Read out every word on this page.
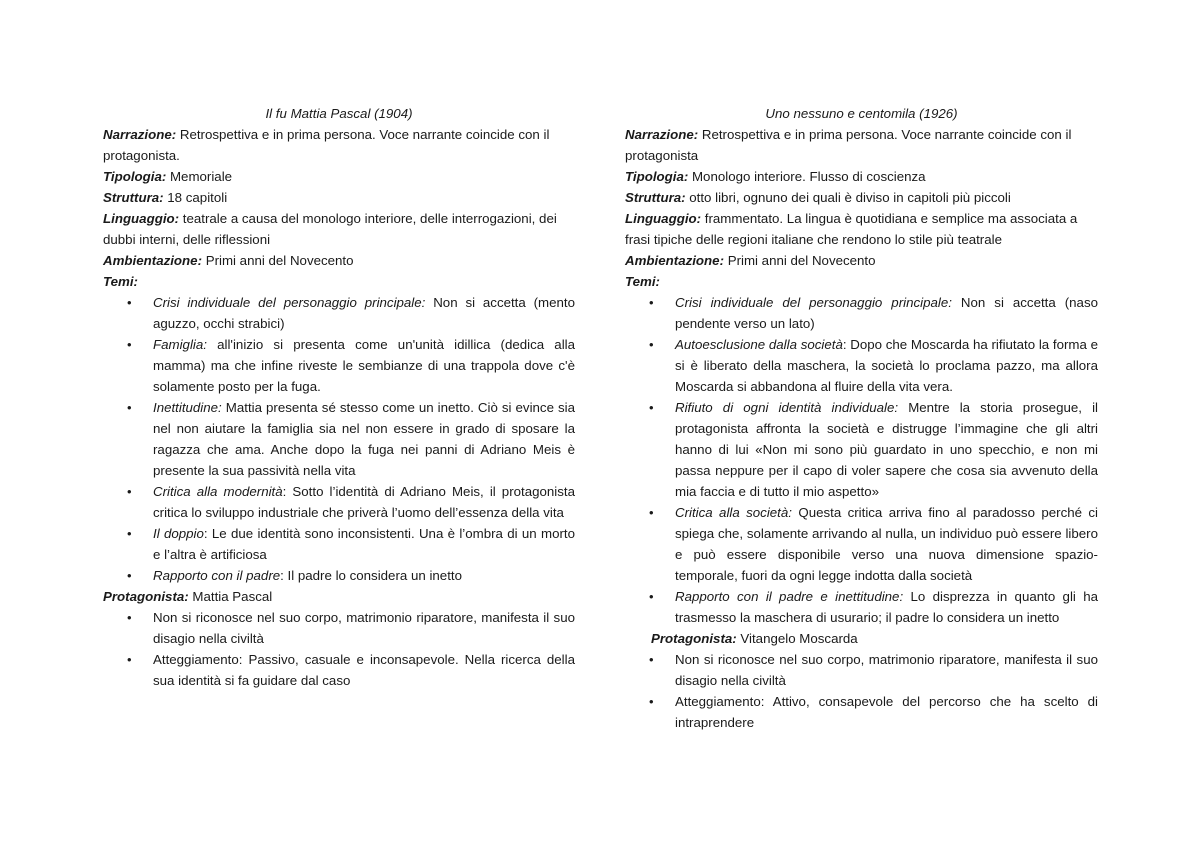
Il fu Mattia Pascal (1904)

Narrazione: Retrospettiva e in prima persona. Voce narrante coincide con il protagonista.

Tipologia: Memoriale

Struttura: 18 capitoli

Linguaggio: teatrale a causa del monologo interiore, delle interrogazioni, dei dubbi interni, delle riflessioni

Ambientazione: Primi anni del Novecento

Temi:

• Crisi individuale del personaggio principale: Non si accetta (mento aguzzo, occhi strabici)
• Famiglia: all'inizio si presenta come un'unità idillica (dedica alla mamma) ma che infine riveste le sembianze di una trappola dove c'è solamente posto per la fuga.
• Inettitudine: Mattia presenta sé stesso come un inetto. Ciò si evince sia nel non aiutare la famiglia sia nel non essere in grado di sposare la ragazza che ama. Anche dopo la fuga nei panni di Adriano Meis è presente la sua passività nella vita
• Critica alla modernità: Sotto l’identità di Adriano Meis, il protagonista critica lo sviluppo industriale che priverà l’uomo dell’essenza della vita
• Il doppio: Le due identità sono inconsistenti. Una è l’ombra di un morto e l’altra è artificiosa
• Rapporto con il padre: Il padre lo considera un inetto

Protagonista: Mattia Pascal

• Non si riconosce nel suo corpo, matrimonio riparatore, manifesta il suo disagio nella civiltà
• Atteggiamento: Passivo, casuale e inconsapevole. Nella ricerca della sua identità si fa guidare dal caso

Uno nessuno e centomila (1926)

Narrazione: Retrospettiva e in prima persona. Voce narrante coincide con il protagonista

Tipologia: Monologo interiore. Flusso di coscienza

Struttura: otto libri, ognuno dei quali è diviso in capitoli più piccoli

Linguaggio: frammentato. La lingua è quotidiana e semplice ma associata a frasi tipiche delle regioni italiane che rendono lo stile più teatrale

Ambientazione: Primi anni del Novecento

Temi:

• Crisi individuale del personaggio principale: Non si accetta (naso pendente verso un lato)
• Autoesclusione dalla società: Dopo che Moscarda ha rifiutato la forma e si è liberato della maschera, la società lo proclama pazzo, ma allora Moscarda si abbandona al fluire della vita vera.
• Rifiuto di ogni identità individuale: Mentre la storia prosegue, il protagonista affronta la società e distrugge l’immagine che gli altri hanno di lui «Non mi sono più guardato in uno specchio, e non mi passa neppure per il capo di voler sapere che cosa sia avvenuto della mia faccia e di tutto il mio aspetto»
• Critica alla società: Questa critica arriva fino al paradosso perché ci spiega che, solamente arrivando al nulla, un individuo può essere libero e può essere disponibile verso una nuova dimensione spazio-temporale, fuori da ogni legge indotta dalla società
• Rapporto con il padre e inettitudine: Lo disprezza in quanto gli ha trasmesso la maschera di usurario; il padre lo considera un inetto

Protagonista: Vitangelo Moscarda

• Non si riconosce nel suo corpo, matrimonio riparatore, manifesta il suo disagio nella civiltà
• Atteggiamento: Attivo, consapevole del percorso che ha scelto di intraprendere
